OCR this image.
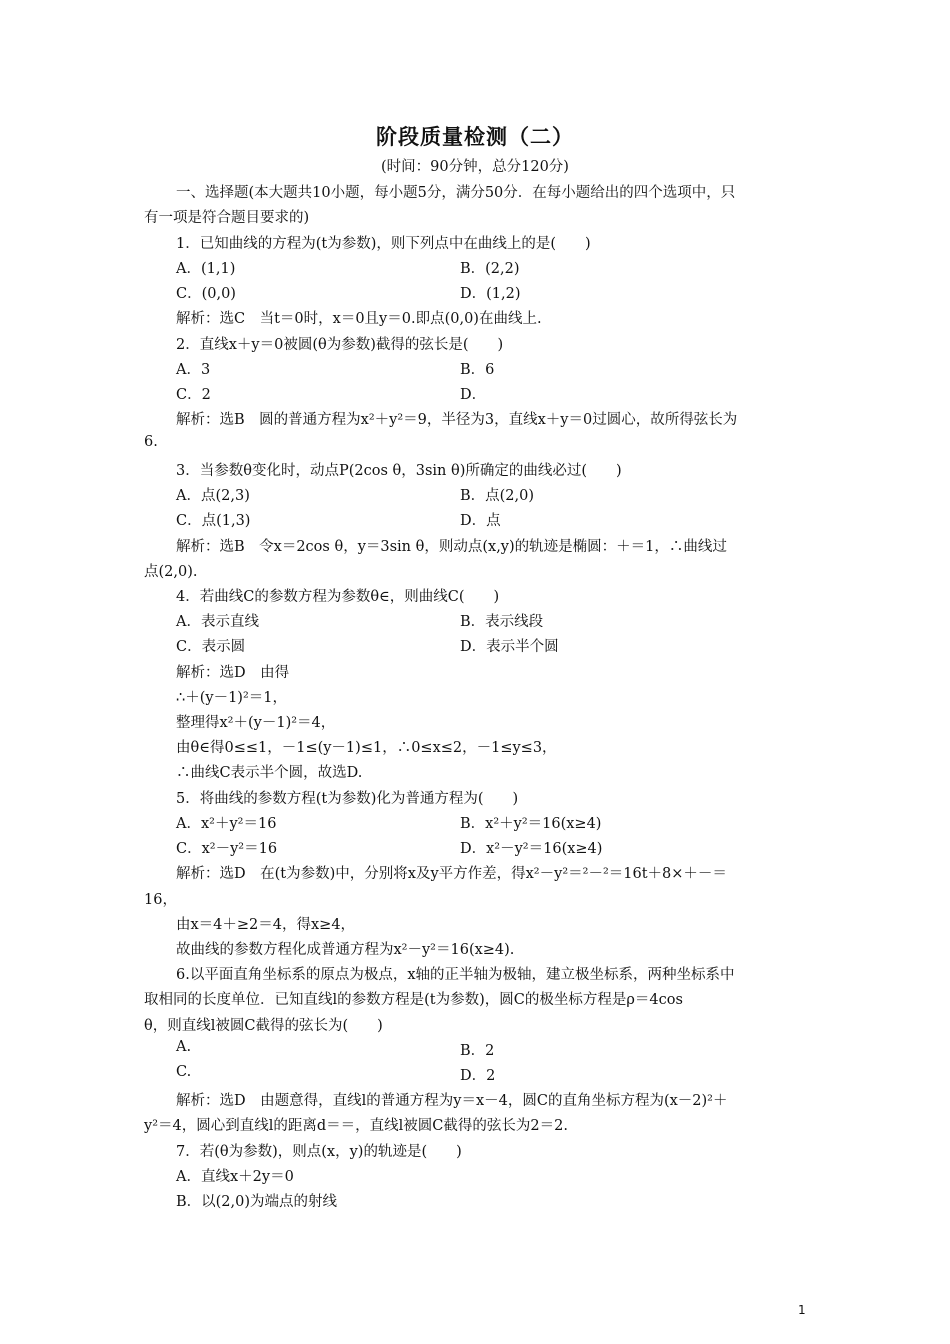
阶段质量检测（二）
(时间：90分钟，总分120分)
一、选择题(本大题共10小题，每小题5分，满分50分．在每小题给出的四个选项中，只
有一项是符合题目要求的)
1．已知曲线的方程为(t为参数)，则下列点中在曲线上的是(　　)
A．(1,1)	B．(2,2)
C．(0,0)	D．(1,2)
解析：选C　当t＝0时，x＝0且y＝0.即点(0,0)在曲线上.
2．直线x＋y＝0被圆(θ为参数)截得的弦长是(　　)
A．3	B．6
C．2	D．
解析：选B　圆的普通方程为x²＋y²＝9，半径为3，直线x＋y＝0过圆心，故所得弦长为
6.
3．当参数θ变化时，动点P(2cos θ，3sin θ)所确定的曲线必过(　　)
A．点(2,3)	B．点(2,0)
C．点(1,3)	D．点
解析：选B　令x＝2cos θ，y＝3sin θ，则动点(x,y)的轨迹是椭圆：＋＝1，∴曲线过
点(2,0).
4．若曲线C的参数方程为参数θ∈，则曲线C(　　)
A．表示直线	B．表示线段
C．表示圆	D．表示半个圆
解析：选D　由得
∴＋(y－1)²＝1，
整理得x²＋(y－1)²＝4，
由θ∈得0≤≤1，－1≤(y－1)≤1，∴0≤x≤2，－1≤y≤3，
∴曲线C表示半个圆，故选D.
5．将曲线的参数方程(t为参数)化为普通方程为(　　)
A．x²＋y²＝16	B．x²＋y²＝16(x≥4)
C．x²－y²＝16	D．x²－y²＝16(x≥4)
解析：选D　在(t为参数)中，分别将x及y平方作差，得x²－y²＝²－²＝16t＋8×＋－＝
16，
由x＝4＋≥2＝4，得x≥4，
故曲线的参数方程化成普通方程为x²－y²＝16(x≥4).
6.以平面直角坐标系的原点为极点，x轴的正半轴为极轴，建立极坐标系，两种坐标系中
取相同的长度单位．已知直线l的参数方程是(t为参数)，圆C的极坐标方程是ρ＝4cos
θ，则直线l被圆C截得的弦长为(　　)
A.	B．2
C.	D．2
解析：选D　由题意得，直线l的普通方程为y＝x－4，圆C的直角坐标方程为(x－2)²＋
y²＝4，圆心到直线l的距离d＝＝，直线l被圆C截得的弦长为2＝2.
7．若(θ为参数)，则点(x，y)的轨迹是(　　)
A．直线x＋2y＝0
B．以(2,0)为端点的射线
1
